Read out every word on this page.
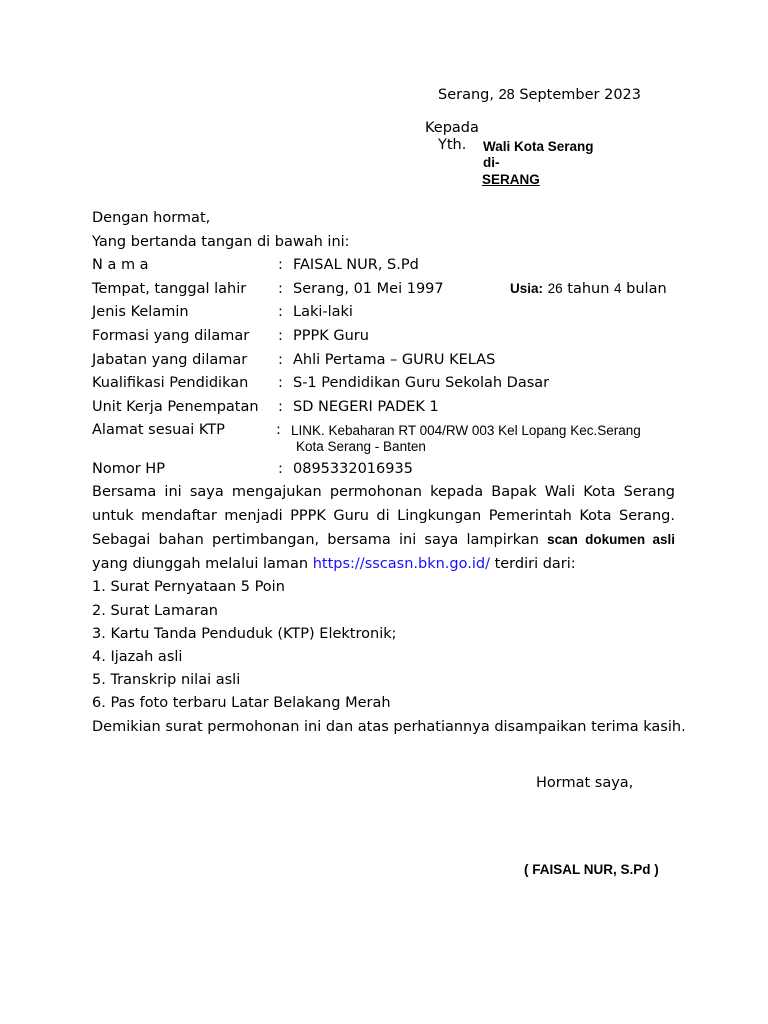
Serang, 28 September 2023
Kepada
Yth. Wali Kota Serang
di-
SERANG
Dengan hormat,
Yang bertanda tangan di bawah ini:
N a m a	: FAISAL NUR, S.Pd
Tempat, tanggal lahir : Serang, 01 Mei 1997	Usia: 26 tahun 4 bulan
Jenis Kelamin	: Laki-laki
Formasi yang dilamar : PPPK Guru
Jabatan yang dilamar : Ahli Pertama – GURU KELAS
Kualifikasi Pendidikan : S-1 Pendidikan Guru Sekolah Dasar
Unit Kerja Penempatan : SD NEGERI PADEK 1
Alamat sesuai KTP	: LINK. Kebaharan RT 004/RW 003 Kel Lopang Kec.Serang
Kota Serang - Banten
Nomor HP	: 0895332016935
Bersama ini saya mengajukan permohonan kepada Bapak Wali Kota Serang
untuk mendaftar menjadi PPPK Guru di Lingkungan Pemerintah Kota Serang.
Sebagai bahan pertimbangan, bersama ini saya lampirkan scan dokumen asli
yang diunggah melalui laman https://sscasn.bkn.go.id/ terdiri dari:
1. Surat Pernyataan 5 Poin
2. Surat Lamaran
3. Kartu Tanda Penduduk (KTP) Elektronik;
4. Ijazah asli
5. Transkrip nilai asli
6. Pas foto terbaru Latar Belakang Merah
Demikian surat permohonan ini dan atas perhatiannya disampaikan terima kasih.
Hormat saya,
( FAISAL NUR, S.Pd )
